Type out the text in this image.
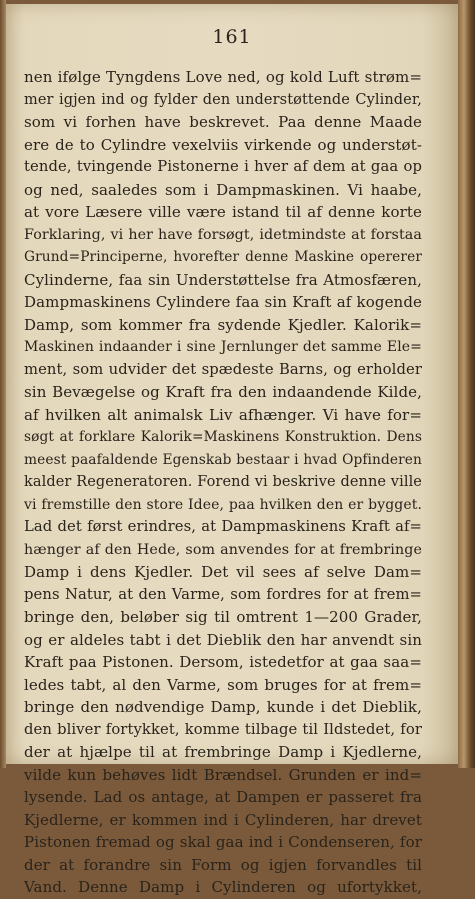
161
nen ifølge Tyngdens Love ned, og kold Luft strøm=
mer igjen ind og fylder den understøttende Cylinder,
som vi forhen have beskrevet. Paa denne Maade
ere de to Cylindre vexelviis virkende og understøt-
tende, tvingende Pistonerne i hver af dem at gaa op
og ned, saaledes som i Dampmaskinen. Vi haabe,
at vore Læsere ville være istand til af denne korte
Forklaring, vi her have forsøgt, idetmindste at forstaa
Grund=Principerne, hvorefter denne Maskine opererer
Cylinderne, faa sin Understøttelse fra Atmosfæren,
Dampmaskinens Cylindere faa sin Kraft af kogende
Damp, som kommer fra sydende Kjedler. Kalorik=
Maskinen indaander i sine Jernlunger det samme Ele=
ment, som udvider det spædeste Barns, og erholder
sin Bevægelse og Kraft fra den indaandende Kilde,
af hvilken alt animalsk Liv afhænger. Vi have for=
søgt at forklare Kalorik=Maskinens Konstruktion. Dens
meest paafaldende Egenskab bestaar i hvad Opfinderen
kalder Regeneratoren. Forend vi beskrive denne ville
vi fremstille den store Idee, paa hvilken den er bygget.
Lad det først erindres, at Dampmaskinens Kraft af=
hænger af den Hede, som anvendes for at frembringe
Damp i dens Kjedler. Det vil sees af selve Dam=
pens Natur, at den Varme, som fordres for at frem=
bringe den, beløber sig til omtrent 1—200 Grader,
og er aldeles tabt i det Dieblik den har anvendt sin
Kraft paa Pistonen. Dersom, istedetfor at gaa saa=
ledes tabt, al den Varme, som bruges for at frem=
bringe den nødvendige Damp, kunde i det Dieblik,
den bliver fortykket, komme tilbage til Ildstedet, for
der at hjælpe til at frembringe Damp i Kjedlerne,
vilde kun behøves lidt Brændsel. Grunden er ind=
lysende. Lad os antage, at Dampen er passeret fra
Kjedlerne, er kommen ind i Cylinderen, har drevet
Pistonen fremad og skal gaa ind i Condenseren, for
der at forandre sin Form og igjen forvandles til
Vand. Denne Damp i Cylinderen og ufortykket,
